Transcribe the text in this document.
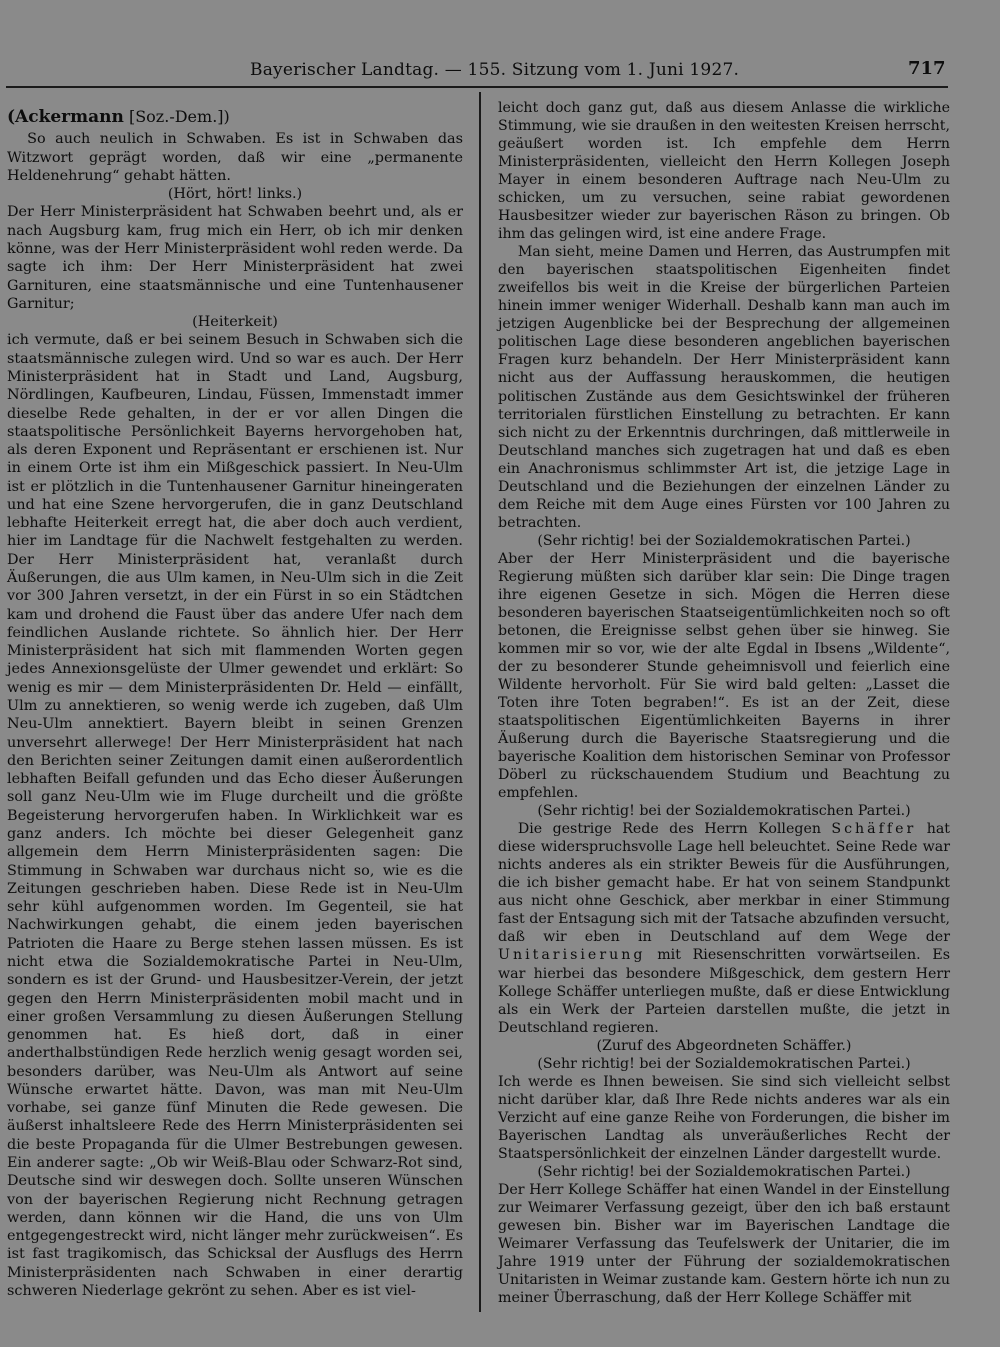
Bayerischer Landtag. — 155. Sitzung vom 1. Juni 1927.	717
(Ackermann [Soz.-Dem.])

So auch neulich in Schwaben. Es ist in Schwaben das Witzwort geprägt worden, daß wir eine „permanente Heldenehrung“ gehabt hätten.

(Hört, hört! links.)

Der Herr Ministerpräsident hat Schwaben beehrt und, als er nach Augsburg kam, frug mich ein Herr, ob ich mir denken könne, was der Herr Ministerpräsident wohl reden werde. Da sagte ich ihm: Der Herr Ministerpräsident hat zwei Garnituren, eine staatsmännische und eine Tuntenhausener Garnitur;

(Heiterkeit)

ich vermute, daß er bei seinem Besuch in Schwaben sich die staatsmännische zulegen wird. Und so war es auch. Der Herr Ministerpräsident hat in Stadt und Land, Augsburg, Nördlingen, Kaufbeuren, Lindau, Füssen, Immenstadt immer dieselbe Rede gehalten, in der er vor allen Dingen die staatspolitische Persönlichkeit Bayerns hervorgehoben hat, als deren Exponent und Repräsentant er erschienen ist. Nur in einem Orte ist ihm ein Mißgeschick passiert. In Neu-Ulm ist er plötzlich in die Tuntenhausener Garnitur hineingeraten und hat eine Szene hervorgerufen, die in ganz Deutschland lebhafte Heiterkeit erregt hat, die aber doch auch verdient, hier im Landtage für die Nachwelt festgehalten zu werden. Der Herr Ministerpräsident hat, veranlaßt durch Äußerungen, die aus Ulm kamen, in Neu-Ulm sich in die Zeit vor 300 Jahren versetzt, in der ein Fürst in so ein Städtchen kam und drohend die Faust über das andere Ufer nach dem feindlichen Auslande richtete. So ähnlich hier. Der Herr Ministerpräsident hat sich mit flammenden Worten gegen jedes Annexionsgelüste der Ulmer gewendet und erklärt: So wenig es mir — dem Ministerpräsidenten Dr. Held — einfällt, Ulm zu annektieren, so wenig werde ich zugeben, daß Ulm Neu-Ulm annektiert. Bayern bleibt in seinen Grenzen unversehrt allerwege! Der Herr Ministerpräsident hat nach den Berichten seiner Zeitungen damit einen außerordentlich lebhaften Beifall gefunden und das Echo dieser Äußerungen soll ganz Neu-Ulm wie im Fluge durcheilt und die größte Begeisterung hervorgerufen haben. In Wirklichkeit war es ganz anders. Ich möchte bei dieser Gelegenheit ganz allgemein dem Herrn Ministerpräsidenten sagen: Die Stimmung in Schwaben war durchaus nicht so, wie es die Zeitungen geschrieben haben. Diese Rede ist in Neu-Ulm sehr kühl aufgenommen worden. Im Gegenteil, sie hat Nachwirkungen gehabt, die einem jeden bayerischen Patrioten die Haare zu Berge stehen lassen müssen. Es ist nicht etwa die Sozialdemokratische Partei in Neu-Ulm, sondern es ist der Grund- und Hausbesitzer-Verein, der jetzt gegen den Herrn Ministerpräsidenten mobil macht und in einer großen Versammlung zu diesen Äußerungen Stellung genommen hat. Es hieß dort, daß in einer anderthalbstündigen Rede herzlich wenig gesagt worden sei, besonders darüber, was Neu-Ulm als Antwort auf seine Wünsche erwartet hätte. Davon, was man mit Neu-Ulm vorhabe, sei ganze fünf Minuten die Rede gewesen. Die äußerst inhaltsleere Rede des Herrn Ministerpräsidenten sei die beste Propaganda für die Ulmer Bestrebungen gewesen. Ein anderer sagte: „Ob wir Weiß-Blau oder Schwarz-Rot sind, Deutsche sind wir deswegen doch. Sollte unseren Wünschen von der bayerischen Regierung nicht Rechnung getragen werden, dann können wir die Hand, die uns von Ulm entgegengestreckt wird, nicht länger mehr zurückweisen“. Es ist fast tragikomisch, das Schicksal der Ausflugs des Herrn Ministerpräsidenten nach Schwaben in einer derartig schweren Niederlage gekrönt zu sehen. Aber es ist viel-

leicht doch ganz gut, daß aus diesem Anlasse die wirkliche Stimmung, wie sie draußen in den weitesten Kreisen herrscht, geäußert worden ist. Ich empfehle dem Herrn Ministerpräsidenten, vielleicht den Herrn Kollegen Joseph Mayer in einem besonderen Auftrage nach Neu-Ulm zu schicken, um zu versuchen, seine rabiat gewordenen Hausbesitzer wieder zur bayerischen Räson zu bringen. Ob ihm das gelingen wird, ist eine andere Frage.

Man sieht, meine Damen und Herren, das Austrumpfen mit den bayerischen staatspolitischen Eigenheiten findet zweifellos bis weit in die Kreise der bürgerlichen Parteien hinein immer weniger Widerhall. Deshalb kann man auch im jetzigen Augenblicke bei der Besprechung der allgemeinen politischen Lage diese besonderen angeblichen bayerischen Fragen kurz behandeln. Der Herr Ministerpräsident kann nicht aus der Auffassung herauskommen, die heutigen politischen Zustände aus dem Gesichtswinkel der früheren territorialen fürstlichen Einstellung zu betrachten. Er kann sich nicht zu der Erkenntnis durchringen, daß mittlerweile in Deutschland manches sich zugetragen hat und daß es eben ein Anachronismus schlimmster Art ist, die jetzige Lage in Deutschland und die Beziehungen der einzelnen Länder zu dem Reiche mit dem Auge eines Fürsten vor 100 Jahren zu betrachten.

(Sehr richtig! bei der Sozialdemokratischen Partei.)

Aber der Herr Ministerpräsident und die bayerische Regierung müßten sich darüber klar sein: Die Dinge tragen ihre eigenen Gesetze in sich. Mögen die Herren diese besonderen bayerischen Staatseigentümlichkeiten noch so oft betonen, die Ereignisse selbst gehen über sie hinweg. Sie kommen mir so vor, wie der alte Egdal in Ibsens „Wildente“, der zu besonderer Stunde geheimnisvoll und feierlich eine Wildente hervorholt. Für Sie wird bald gelten: „Lasset die Toten ihre Toten begraben!“. Es ist an der Zeit, diese staatspolitischen Eigentümlichkeiten Bayerns in ihrer Äußerung durch die Bayerische Staatsregierung und die bayerische Koalition dem historischen Seminar von Professor Döberl zu rückschauendem Studium und Beachtung zu empfehlen.

(Sehr richtig! bei der Sozialdemokratischen Partei.)

Die gestrige Rede des Herrn Kollegen Schäffer hat diese widerspruchsvolle Lage hell beleuchtet. Seine Rede war nichts anderes als ein strikter Beweis für die Ausführungen, die ich bisher gemacht habe. Er hat von seinem Standpunkt aus nicht ohne Geschick, aber merkbar in einer Stimmung fast der Entsagung sich mit der Tatsache abzufinden versucht, daß wir eben in Deutschland auf dem Wege der Unitarisierung mit Riesenschritten vorwärtseilen. Es war hierbei das besondere Mißgeschick, dem gestern Herr Kollege Schäffer unterliegen mußte, daß er diese Entwicklung als ein Werk der Parteien darstellen mußte, die jetzt in Deutschland regieren.

(Zuruf des Abgeordneten Schäffer.)

(Sehr richtig! bei der Sozialdemokratischen Partei.)

Ich werde es Ihnen beweisen. Sie sind sich vielleicht selbst nicht darüber klar, daß Ihre Rede nichts anderes war als ein Verzicht auf eine ganze Reihe von Forderungen, die bisher im Bayerischen Landtag als unveräußerliches Recht der Staatspersönlichkeit der einzelnen Länder dargestellt wurde.

(Sehr richtig! bei der Sozialdemokratischen Partei.)

Der Herr Kollege Schäffer hat einen Wandel in der Einstellung zur Weimarer Verfassung gezeigt, über den ich baß erstaunt gewesen bin. Bisher war im Bayerischen Landtage die Weimarer Verfassung das Teufelswerk der Unitarier, die im Jahre 1919 unter der Führung der sozialdemokratischen Unitaristen in Weimar zustande kam. Gestern hörte ich nun zu meiner Überraschung, daß der Herr Kollege Schäffer mit
